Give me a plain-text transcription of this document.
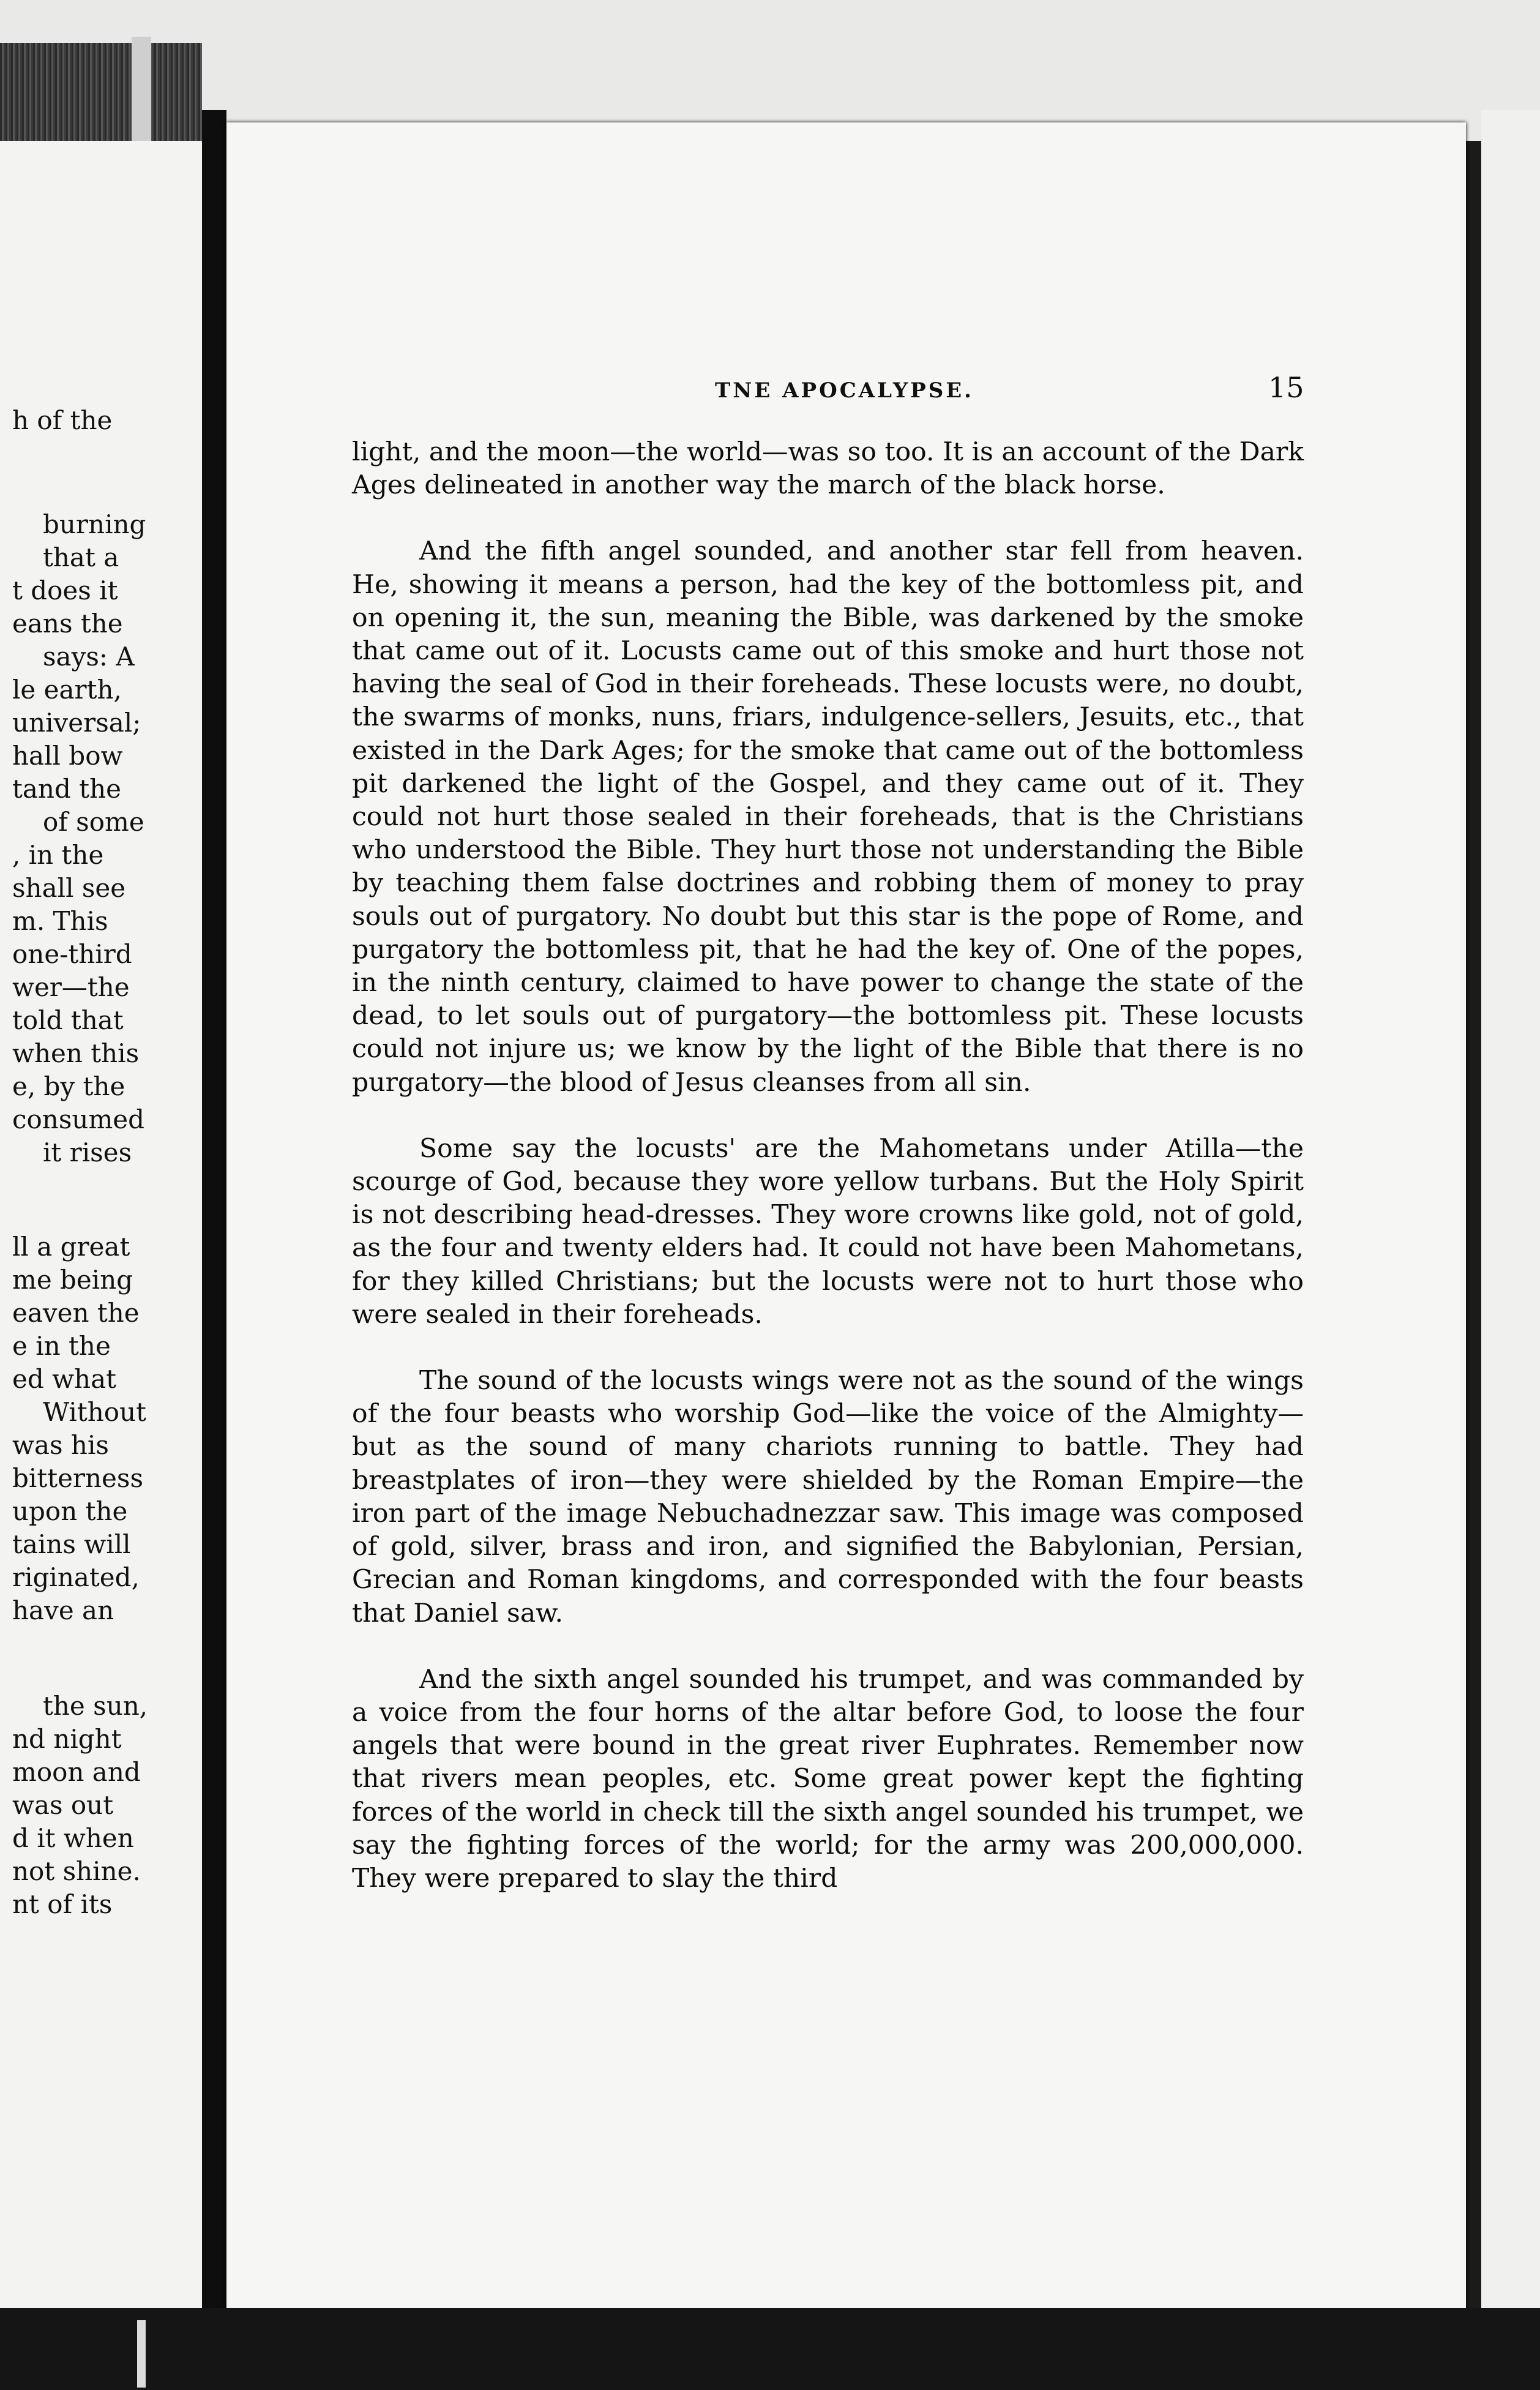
h of the
burning
that a
t does it
eans the
says: A
le earth,
universal;
hall bow
tand the
of some
, in the
shall see
m. This
one-third
wer—the
told that
when this
e, by the
consumed
it rises
ll a great
me being
eaven the
e in the
ed what
Without
was his
bitterness
upon the
tains will
riginated,
have an
the sun,
nd night
moon and
was out
d it when
not shine.
nt of its
TNE APOCALYPSE.	15

light, and the moon—the world—was so too. It is an account of the Dark Ages delineated in another way the march of the black horse.

And the fifth angel sounded, and another star fell from heaven. He, showing it means a person, had the key of the bottomless pit, and on opening it, the sun, meaning the Bible, was darkened by the smoke that came out of it. Locusts came out of this smoke and hurt those not having the seal of God in their foreheads. These locusts were, no doubt, the swarms of monks, nuns, friars, indulgence-sellers, Jesuits, etc., that existed in the Dark Ages; for the smoke that came out of the bottomless pit darkened the light of the Gospel, and they came out of it. They could not hurt those sealed in their foreheads, that is the Christians who understood the Bible. They hurt those not understanding the Bible by teaching them false doctrines and robbing them of money to pray souls out of purgatory. No doubt but this star is the pope of Rome, and purgatory the bottomless pit, that he had the key of. One of the popes, in the ninth century, claimed to have power to change the state of the dead, to let souls out of purgatory—the bottomless pit. These locusts could not injure us; we know by the light of the Bible that there is no purgatory—the blood of Jesus cleanses from all sin.

Some say the locusts' are the Mahometans under Atilla—the scourge of God, because they wore yellow turbans. But the Holy Spirit is not describing head-dresses. They wore crowns like gold, not of gold, as the four and twenty elders had. It could not have been Mahometans, for they killed Christians; but the locusts were not to hurt those who were sealed in their foreheads.

The sound of the locusts wings were not as the sound of the wings of the four beasts who worship God—like the voice of the Almighty—but as the sound of many chariots running to battle. They had breastplates of iron—they were shielded by the Roman Empire—the iron part of the image Nebuchadnezzar saw. This image was composed of gold, silver, brass and iron, and signified the Babylonian, Persian, Grecian and Roman kingdoms, and corresponded with the four beasts that Daniel saw.

And the sixth angel sounded his trumpet, and was commanded by a voice from the four horns of the altar before God, to loose the four angels that were bound in the great river Euphrates. Remember now that rivers mean peoples, etc. Some great power kept the fighting forces of the world in check till the sixth angel sounded his trumpet, we say the fighting forces of the world; for the army was 200,000,000. They were prepared to slay the third
